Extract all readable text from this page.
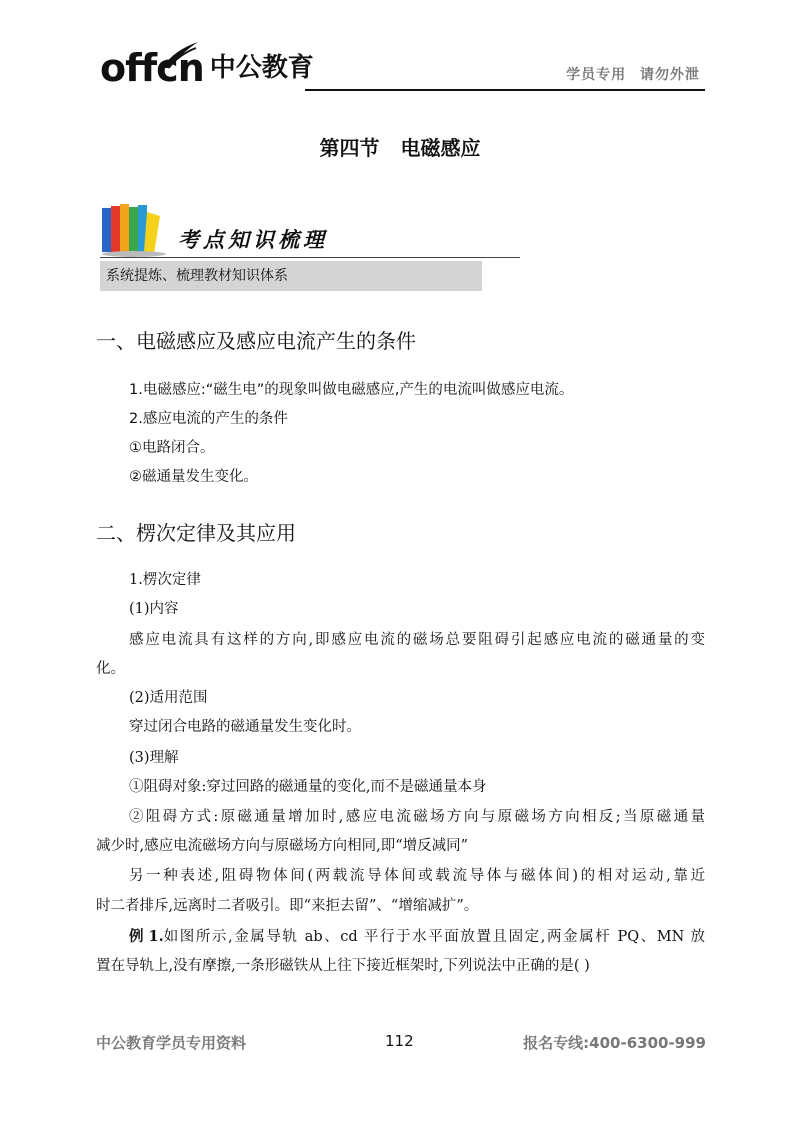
offcn 中公教育	学员专用 请勿外泄
第四节 电磁感应
考点知识梳理
系统提炼、梳理教材知识体系
一、电磁感应及感应电流产生的条件
1.电磁感应:“磁生电”的现象叫做电磁感应,产生的电流叫做感应电流。
2.感应电流的产生的条件
①电路闭合。
②磁通量发生变化。
二、楞次定律及其应用
1.楞次定律
(1)内容
感应电流具有这样的方向,即感应电流的磁场总要阻碍引起感应电流的磁通量的变
化。
(2)适用范围
穿过闭合电路的磁通量发生变化时。
(3)理解
①阻碍对象:穿过回路的磁通量的变化,而不是磁通量本身
②阻碍方式:原磁通量增加时,感应电流磁场方向与原磁场方向相反;当原磁通量
减少时,感应电流磁场方向与原磁场方向相同,即“增反减同”
另一种表述,阻碍物体间(两载流导体间或载流导体与磁体间)的相对运动,靠近
时二者排斥,远离时二者吸引。即“来拒去留”、“增缩减扩”。
例 1. 如图所示,金属导轨 ab、cd 平行于水平面放置且固定,两金属杆 PQ、MN 放
置在导轨上,没有摩擦,一条形磁铁从上往下接近框架时,下列说法中正确的是( )
中公教育学员专用资料	112	报名专线:400-6300-999
